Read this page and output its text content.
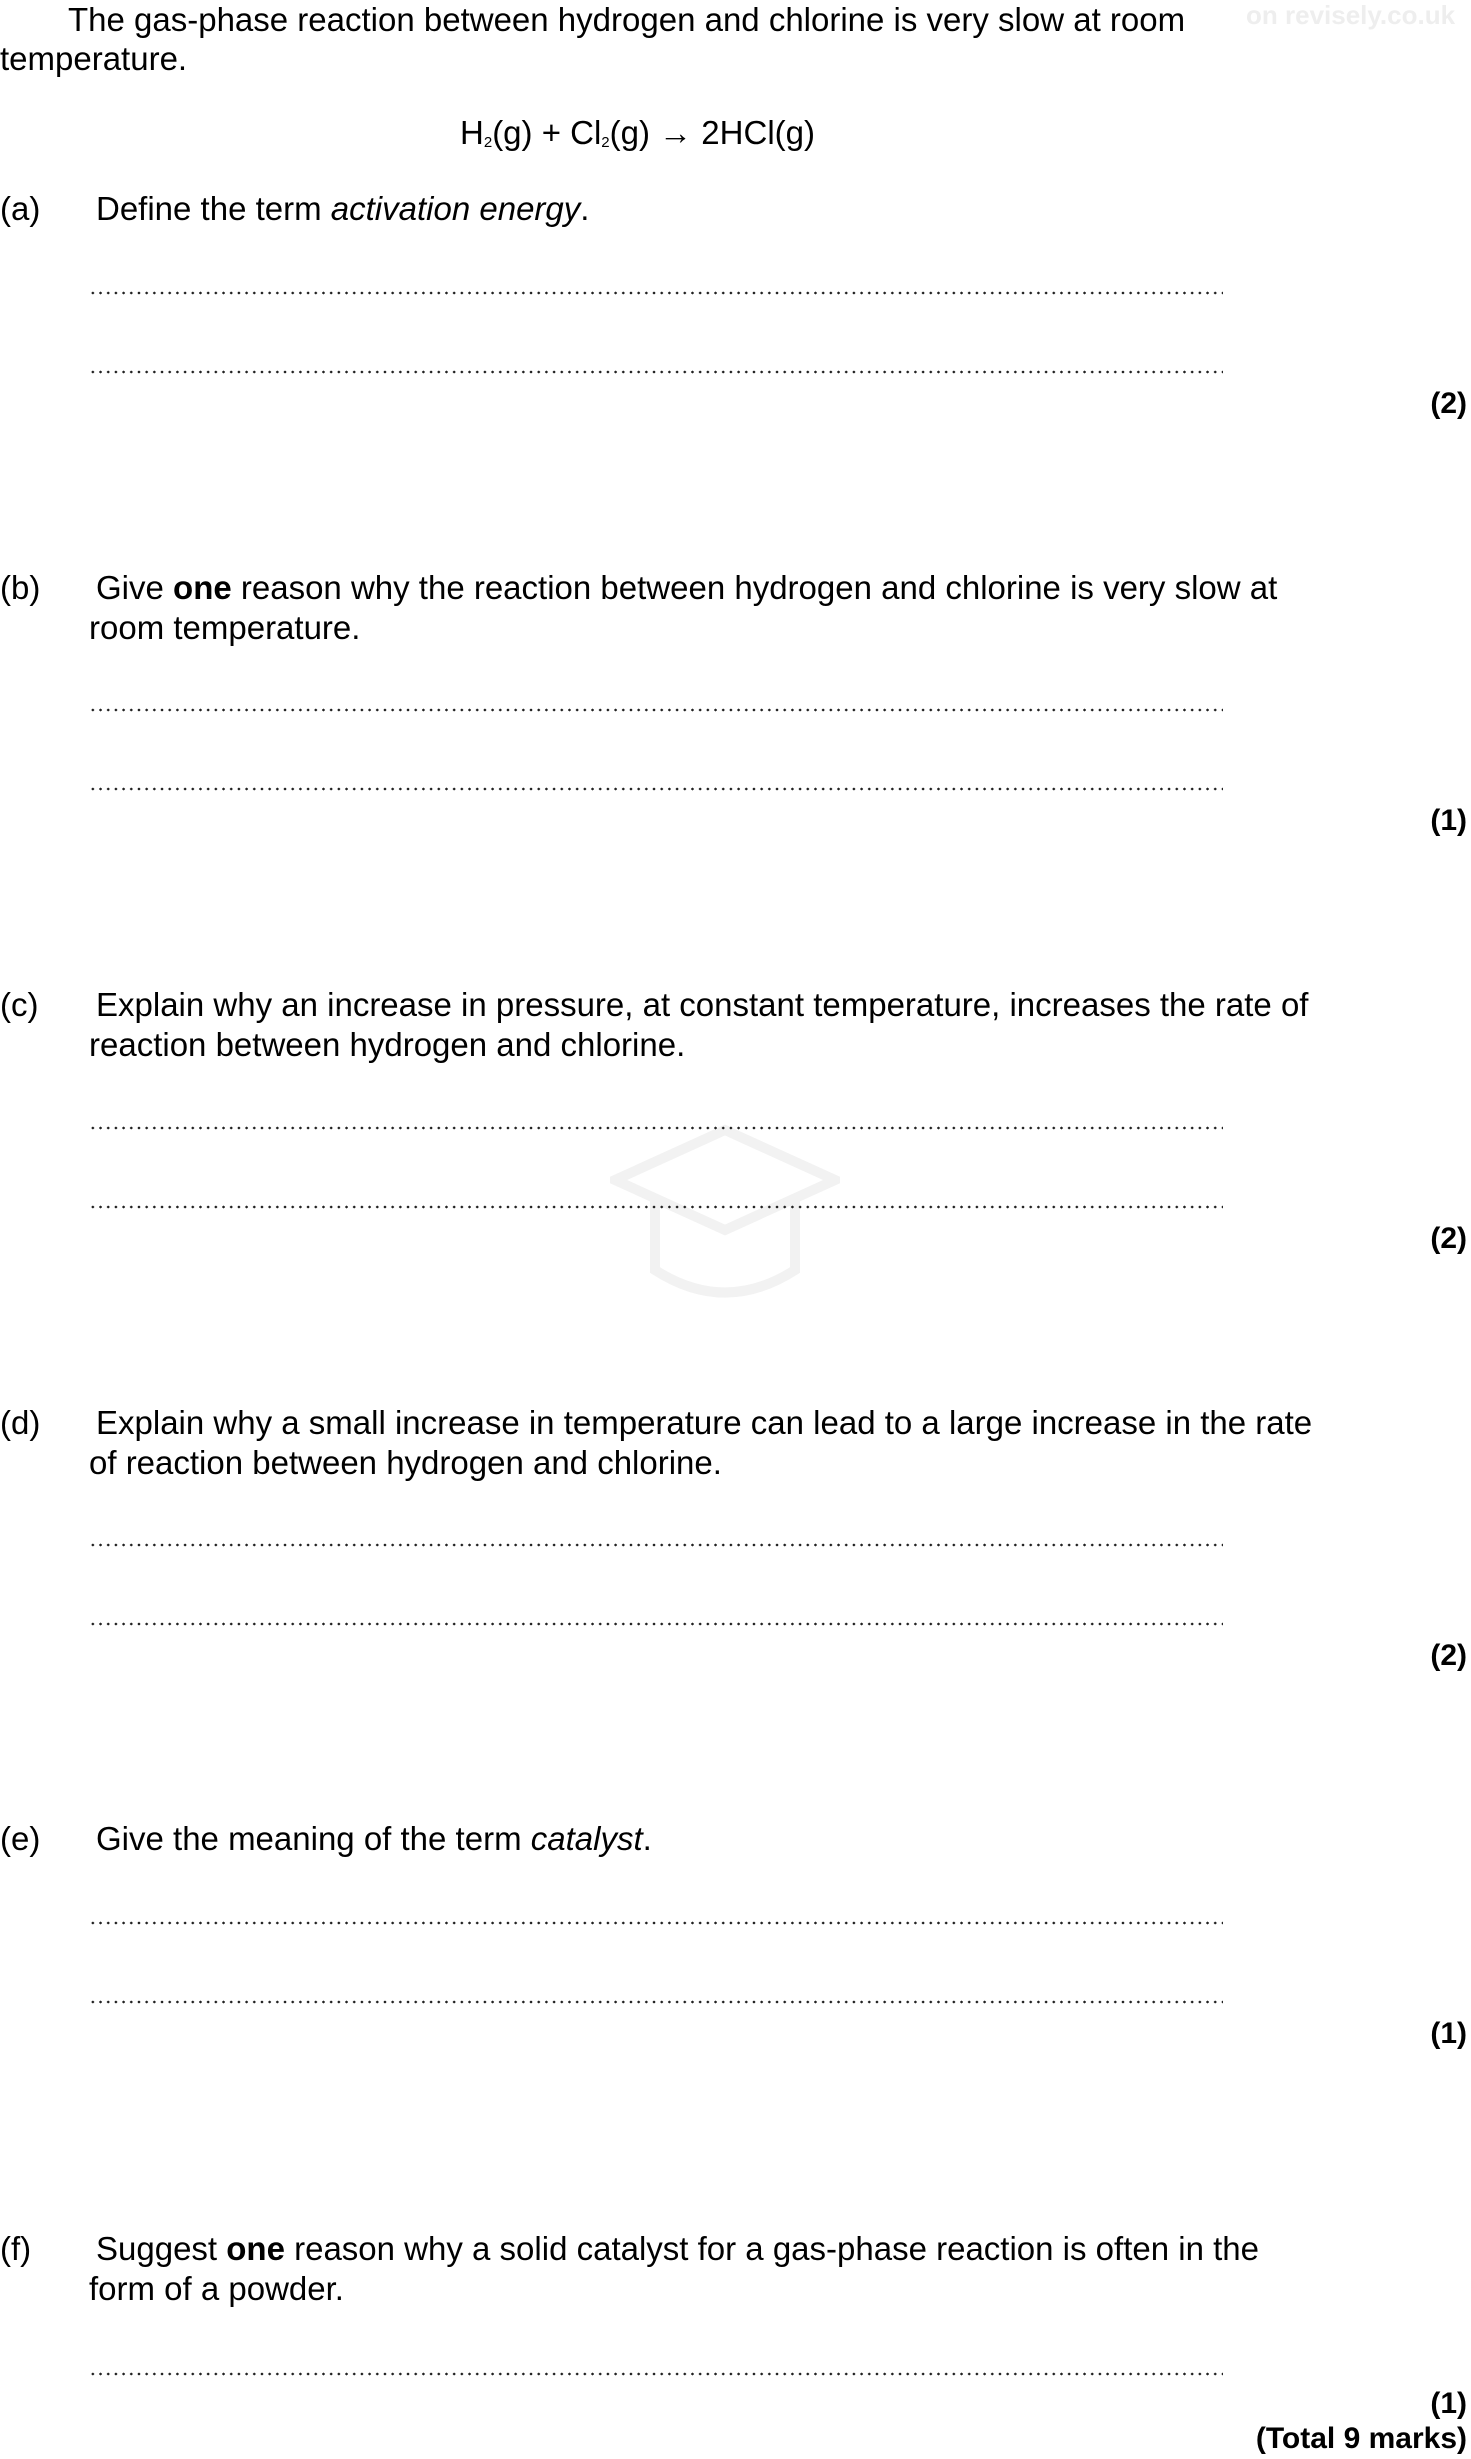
on revisely.co.uk
The gas-phase reaction between hydrogen and chlorine is very slow at room
temperature.
$H_2(g) + Cl_2(g) \to 2HCl(g)$
(a) Define the term activation energy.
(2)
(b) Give one reason why the reaction between hydrogen and chlorine is very slow at
room temperature.
(1)
(c) Explain why an increase in pressure, at constant temperature, increases the rate of
reaction between hydrogen and chlorine.
(2)
(d) Explain why a small increase in temperature can lead to a large increase in the rate
of reaction between hydrogen and chlorine.
(2)
(e) Give the meaning of the term catalyst.
(1)
(f) Suggest one reason why a solid catalyst for a gas-phase reaction is often in the
form of a powder.
(1)
(Total 9 marks)
